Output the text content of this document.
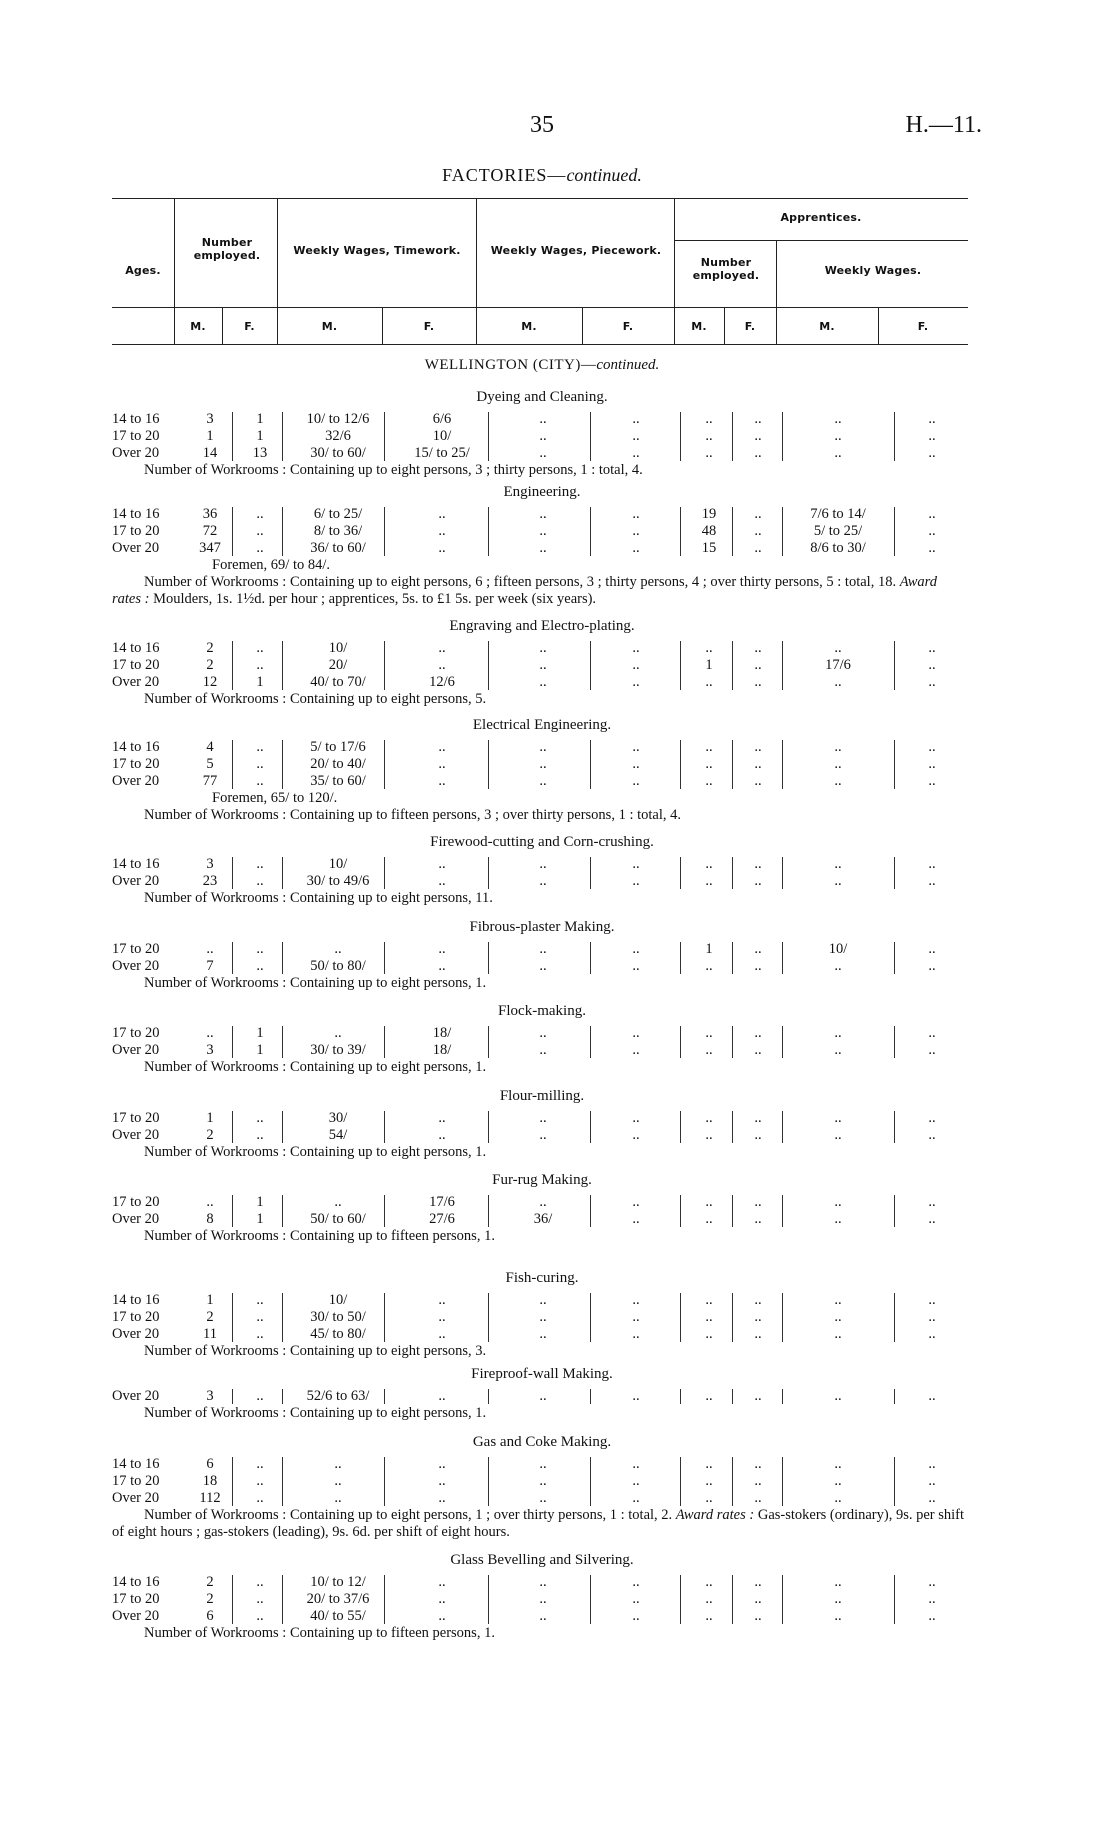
35	H.—11.
FACTORIES—continued.
Ages.
Number employed.	Weekly Wages, Timework.	Weekly Wages, Piecework.
Apprentices.
Number employed.	Weekly Wages.
M.	F.	M.	F.	M.	F.	M.	F.	M.	F.
WELLINGTON (CITY)—continued.
Dyeing and Cleaning.
14 to 16	3	1	10/ to 12/6	6/6	..	..	..	..	..	..
17 to 20	1	1	32/6	10/	..	..	..	..	..	..
Over 20	14	13	30/ to 60/	15/ to 25/	..	..	..	..	..	..
Number of Workrooms : Containing up to eight persons, 3 ; thirty persons, 1 : total, 4.
Engineering.
14 to 16	36	..	6/ to 25/	..	..	..	19	..	7/6 to 14/	..
17 to 20	72	..	8/ to 36/	..	..	..	48	..	5/ to 25/	..
Over 20	347	..	36/ to 60/	..	..	..	15	..	8/6 to 30/	..
Foremen, 69/ to 84/.
Number of Workrooms : Containing up to eight persons, 6 ; fifteen persons, 3 ; thirty persons, 4 ; over thirty persons, 5 : total, 18. Award rates : Moulders, 1s. 1½d. per hour ; apprentices, 5s. to £1 5s. per week (six years).
Engraving and Electro-plating.
14 to 16	2	..	10/	..	..	..	..	..	..	..
17 to 20	2	..	20/	..	..	..	1	..	17/6	..
Over 20	12	1	40/ to 70/	12/6	..	..	..	..	..	..
Number of Workrooms : Containing up to eight persons, 5.
Electrical Engineering.
14 to 16	4	..	5/ to 17/6	..	..	..	..	..	..	..
17 to 20	5	..	20/ to 40/	..	..	..	..	..	..	..
Over 20	77	..	35/ to 60/	..	..	..	..	..	..	..
Foremen, 65/ to 120/.
Number of Workrooms : Containing up to fifteen persons, 3 ; over thirty persons, 1 : total, 4.
Firewood-cutting and Corn-crushing.
14 to 16	3	..	10/	..	..	..	..	..	..	..
Over 20	23	..	30/ to 49/6	..	..	..	..	..	..	..
Number of Workrooms : Containing up to eight persons, 11.
Fibrous-plaster Making.
17 to 20	..	..	..	..	..	..	1	..	10/	..
Over 20	7	..	50/ to 80/	..	..	..	..	..	..	..
Number of Workrooms : Containing up to eight persons, 1.
Flock-making.
17 to 20	..	1	..	18/	..	..	..	..	..	..
Over 20	3	1	30/ to 39/	18/	..	..	..	..	..	..
Number of Workrooms : Containing up to eight persons, 1.
Flour-milling.
17 to 20	1	..	30/	..	..	..	..	..	..	..
Over 20	2	..	54/	..	..	..	..	..	..	..
Number of Workrooms : Containing up to eight persons, 1.
Fur-rug Making.
17 to 20	..	1	..	17/6	..	..	..	..	..	..
Over 20	8	1	50/ to 60/	27/6	36/	..	..	..	..	..
Number of Workrooms : Containing up to fifteen persons, 1.
Fish-curing.
14 to 16	1	..	10/	..	..	..	..	..	..	..
17 to 20	2	..	30/ to 50/	..	..	..	..	..	..	..
Over 20	11	..	45/ to 80/	..	..	..	..	..	..	..
Number of Workrooms : Containing up to eight persons, 3.
Fireproof-wall Making.
Over 20	3	..	52/6 to 63/	..	..	..	..	..	..	..
Number of Workrooms : Containing up to eight persons, 1.
Gas and Coke Making.
14 to 16	6	..	..	..	..	..	..	..	..	..
17 to 20	18	..	..	..	..	..	..	..	..	..
Over 20	112	..	..	..	..	..	..	..	..	..
Number of Workrooms : Containing up to eight persons, 1 ; over thirty persons, 1 : total, 2. Award rates : Gas-stokers (ordinary), 9s. per shift of eight hours ; gas-stokers (leading), 9s. 6d. per shift of eight hours.
Glass Bevelling and Silvering.
14 to 16	2	..	10/ to 12/	..	..	..	..	..	..	..
17 to 20	2	..	20/ to 37/6	..	..	..	..	..	..	..
Over 20	6	..	40/ to 55/	..	..	..	..	..	..	..
Number of Workrooms : Containing up to fifteen persons, 1.
